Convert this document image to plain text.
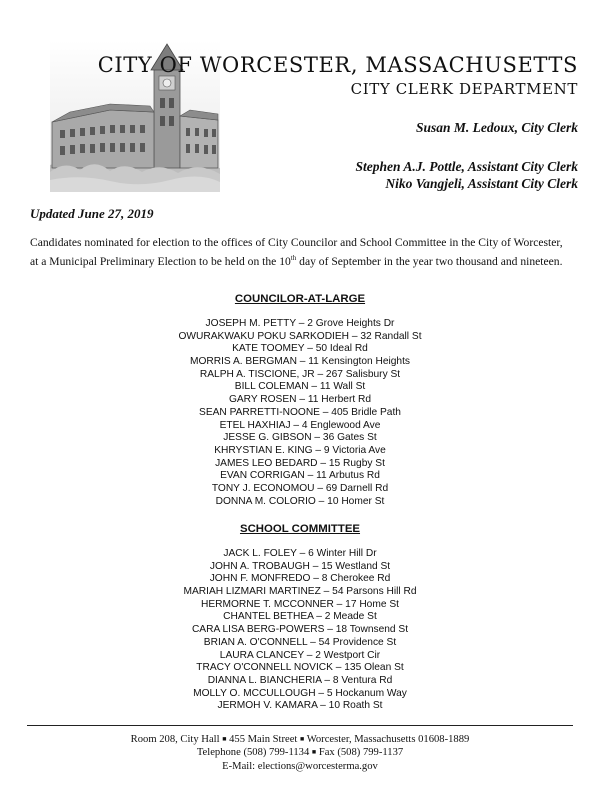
CITY OF WORCESTER, MASSACHUSETTS
CITY CLERK DEPARTMENT
Susan M. Ledoux, City Clerk
Stephen A.J. Pottle, Assistant City Clerk
Niko Vangjeli, Assistant City Clerk
Updated June 27, 2019
Candidates nominated for election to the offices of City Councilor and School Committee in the City of Worcester, at a Municipal Preliminary Election to be held on the 10th day of September in the year two thousand and nineteen.
COUNCILOR-AT-LARGE
JOSEPH M. PETTY – 2 Grove Heights Dr
OWURAKWAKU POKU SARKODIEH – 32 Randall St
KATE TOOMEY – 50 Ideal Rd
MORRIS A. BERGMAN – 11 Kensington Heights
RALPH A. TISCIONE, JR – 267 Salisbury St
BILL COLEMAN – 11 Wall St
GARY ROSEN – 11 Herbert Rd
SEAN PARRETTI-NOONE – 405 Bridle Path
ETEL HAXHIAJ – 4 Englewood Ave
JESSE G. GIBSON – 36 Gates St
KHRYSTIAN E. KING – 9 Victoria Ave
JAMES LEO BEDARD – 15 Rugby St
EVAN CORRIGAN – 11 Arbutus Rd
TONY J. ECONOMOU – 69 Darnell Rd
DONNA M. COLORIO – 10 Homer St
SCHOOL COMMITTEE
JACK L. FOLEY – 6 Winter Hill Dr
JOHN A. TROBAUGH – 15 Westland St
JOHN F. MONFREDO – 8 Cherokee Rd
MARIAH LIZMARI MARTINEZ – 54 Parsons Hill Rd
HERMORNE T. MCCONNER – 17 Home St
CHANTEL BETHEA – 2 Meade St
CARA LISA BERG-POWERS – 18 Townsend St
BRIAN A. O'CONNELL – 54 Providence St
LAURA CLANCEY – 2 Westport Cir
TRACY O'CONNELL NOVICK – 135 Olean St
DIANNA L. BIANCHERIA – 8 Ventura Rd
MOLLY O. MCCULLOUGH – 5 Hockanum Way
JERMOH V. KAMARA – 10 Roath St
Room 208, City Hall ■ 455 Main Street ■ Worcester, Massachusetts 01608-1889
Telephone (508) 799-1134 ■ Fax (508) 799-1137
E-Mail: elections@worcesterma.gov
